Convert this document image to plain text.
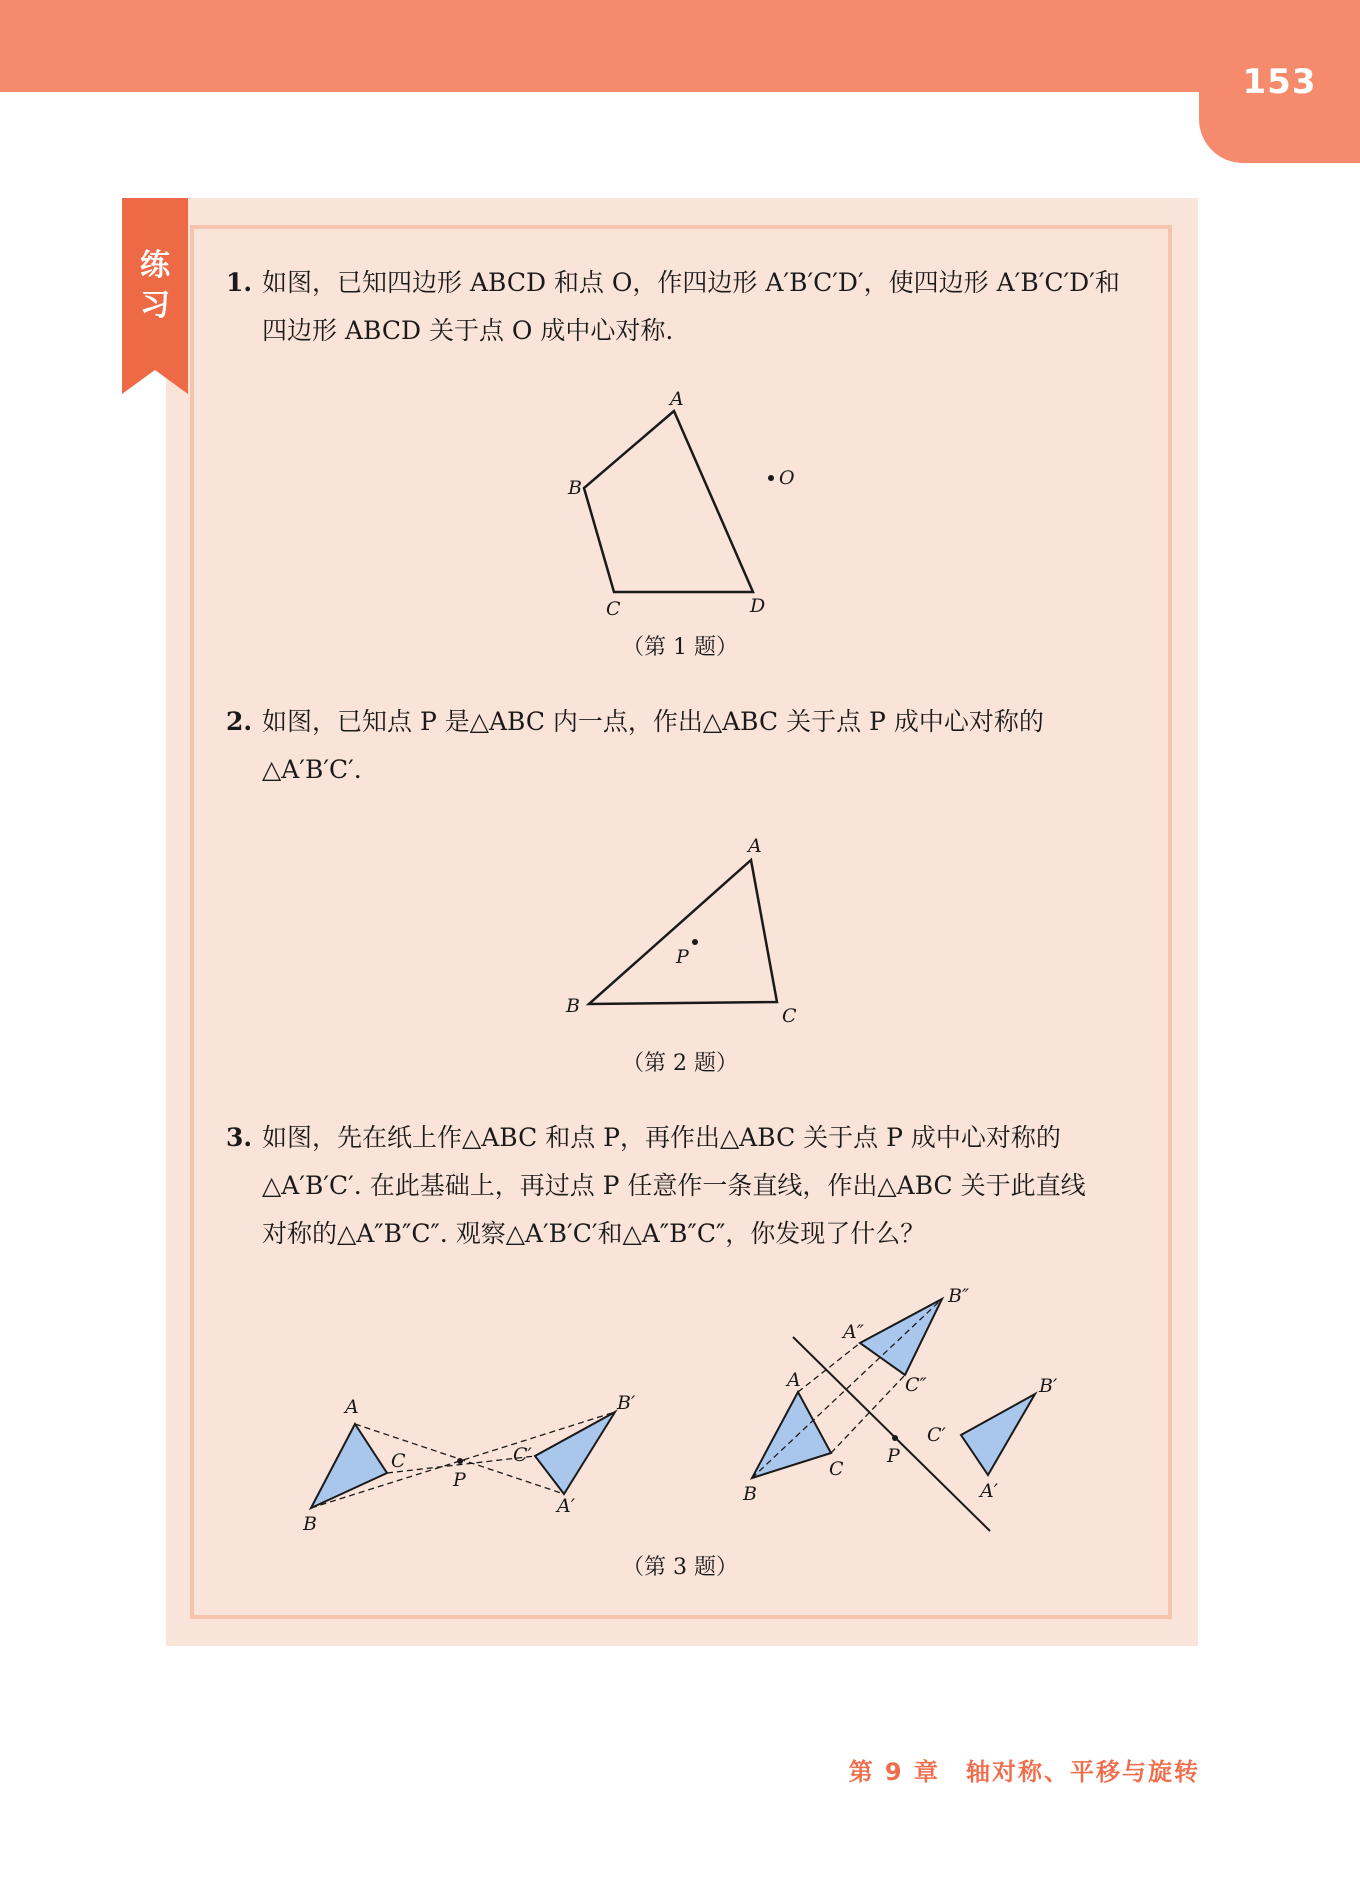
153
练
习
1. 如图，已知四边形 ABCD 和点 O，作四边形 A′B′C′D′，使四边形 A′B′C′D′和
四边形 ABCD 关于点 O 成中心对称.
A
B
C	D
O
（第 1 题）
2. 如图，已知点 P 是△ABC 内一点，作出△ABC 关于点 P 成中心对称的
△A′B′C′.
A
B	C
P
（第 2 题）
3. 如图，先在纸上作△ABC 和点 P，再作出△ABC 关于点 P 成中心对称的
△A′B′C′. 在此基础上，再过点 P 任意作一条直线，作出△ABC 关于此直线
对称的△A″B″C″. 观察△A′B′C′和△A″B″C″，你发现了什么？
A
B
C
P
B′
A′
C′
A
B
C
P
A″
B″
C″	B′
A′
C′
（第 3 题）
第 9 章　轴对称、平移与旋转
